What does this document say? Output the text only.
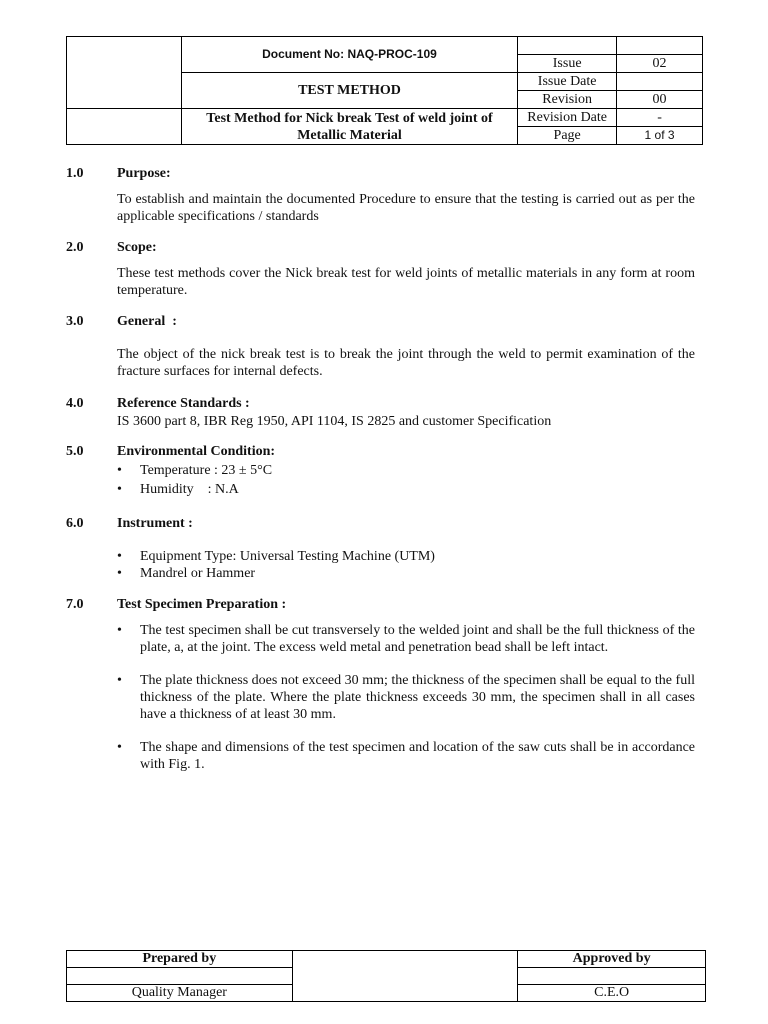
	Document No: NAQ-PROC-109		
		Issue	02
	TEST METHOD	Issue Date	
		Revision	00
	Test Method for Nick break Test of weld joint of Metallic Material	Revision Date	-
		Page	1 of 3
1.0 Purpose:
To establish and maintain the documented Procedure to ensure that the testing is carried out as per the applicable specifications / standards
2.0 Scope:
These test methods cover the Nick break test for weld joints of metallic materials in any form at room temperature.
3.0 General  :
The object of the nick break test is to break the joint through the weld to permit examination of the fracture surfaces for internal defects.
4.0 Reference Standards :
IS 3600 part 8, IBR Reg 1950, API 1104, IS 2825 and customer Specification
5.0 Environmental Condition:
• Temperature : 23 ± 5°C
• Humidity    : N.A
6.0 Instrument :
• Equipment Type: Universal Testing Machine (UTM)
• Mandrel or Hammer
7.0 Test Specimen Preparation :
• The test specimen shall be cut transversely to the welded joint and shall be the full thickness of the plate, a, at the joint. The excess weld metal and penetration bead shall be left intact.
• The plate thickness does not exceed 30 mm; the thickness of the specimen shall be equal to the full thickness of the plate. Where the plate thickness exceeds 30 mm, the specimen shall in all cases have a thickness of at least 30 mm.
• The shape and dimensions of the test specimen and location of the saw cuts shall be in accordance with Fig. 1.
Prepared by		Approved by

Quality Manager		C.E.O
